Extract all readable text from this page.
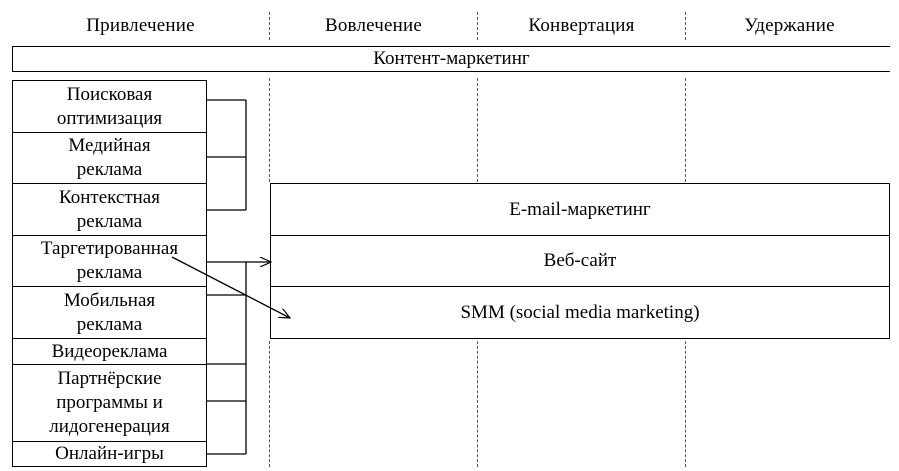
Привлечение	Вовлечение	Конвертация	Удержание
Контент-маркетинг
Поисковая
оптимизация
Медийная
реклама
Контекстная
реклама
Таргетированная
реклама
Мобильная
реклама
Видеореклама
Партнёрские
программы и
лидогенерация
Онлайн-игры
E-mail-маркетинг
Веб-сайт
SMM (social media marketing)
